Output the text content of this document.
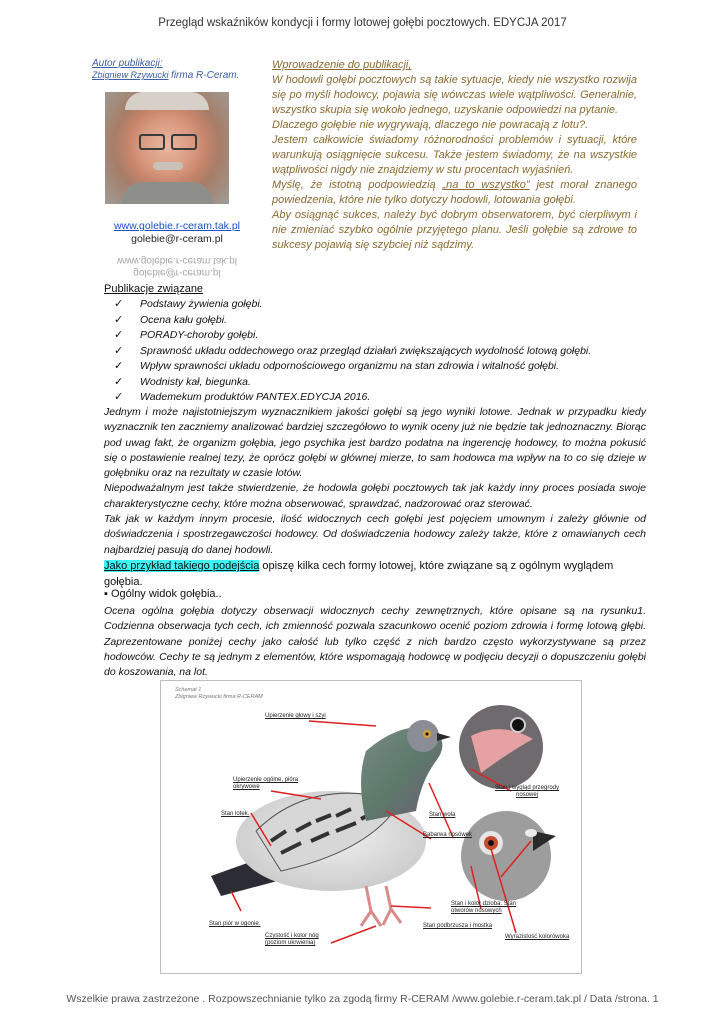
Przegląd wskaźników kondycji i formy lotowej gołębi pocztowych. EDYCJA 2017
Autor publikacji:
Zbigniew Rzywucki firma R-Ceram.
www.golebie.r-ceram.tak.pl
golebie@r-ceram.pl
golebie@r-ceram.pl
www.golebie.r-ceram.tak.pl
Wprowadzenie do publikacji,
W hodowli gołębi pocztowych są takie sytuacje, kiedy nie wszystko rozwija się po myśli hodowcy, pojawia się wówczas wiele wątpliwości. Generalnie, wszystko skupia się wokoło jednego, uzyskanie odpowiedzi na pytanie.
Dlaczego gołębie nie wygrywają, dlaczego nie powracają z lotu?.
Jestem całkowicie świadomy różnorodności problemów i sytuacji, które warunkują osiągnięcie sukcesu. Także jestem świadomy, że na wszystkie wątpliwości nigdy nie znajdziemy w stu procentach wyjaśnień.
Myślę, że istotną podpowiedzią „na to wszystko” jest morał znanego powiedzenia, które nie tylko dotyczy hodowli, lotowania gołębi.
Aby osiągnąć sukces, należy być dobrym obserwatorem, być cierpliwym i nie zmieniać szybko ogólnie przyjętego planu. Jeśli gołębie są zdrowe to sukcesy pojawią się szybciej niż sądzimy.
Publikacje związane
✓ Podstawy żywienia gołębi.
✓ Ocena kału gołębi.
✓ PORADY-choroby gołębi.
✓ Sprawność układu oddechowego oraz przegląd działań zwiększających wydolność lotową gołębi.
✓ Wpływ sprawności układu odpornościowego organizmu na stan zdrowia i witalność gołębi.
✓ Wodnisty kał, biegunka.
✓ Wademekum produktów PANTEX.EDYCJA 2016.

Jednym i może najistotniejszym wyznacznikiem jakości gołębi są jego wyniki lotowe. Jednak w przypadku kiedy wyznacznik ten zaczniemy analizować bardziej szczegółowo to wynik oceny już nie będzie tak jednoznaczny. Biorąc pod uwag fakt, że organizm gołębia, jego psychika jest bardzo podatna na ingerencję hodowcy, to można pokusić się o postawienie realnej tezy, że oprócz gołębi w głównej mierze, to sam hodowca ma wpływ na to co się dzieje w gołębniku oraz na rezultaty w czasie lotów.

Niepodważalnym jest także stwierdzenie, że hodowla gołębi pocztowych tak jak każdy inny proces posiada swoje charakterystyczne cechy, które można obserwować, sprawdzać, nadzorować oraz sterować.

Tak jak w każdym innym procesie, ilość widocznych cech gołębi jest pojęciem umownym i zależy głównie od doświadczenia i spostrzegawczości hodowcy. Od doświadczenia hodowcy zależy także, które z omawianych cech najbardziej pasują do danej hodowli.

Jako przykład takiego podejścia opiszę kilka cech formy lotowej, które związane są z ogólnym wyglądem gołębia.
▪ Ogólny widok gołębia..
Ocena ogólna gołębia dotyczy obserwacji widocznych cechy zewnętrznych, które opisane są na rysunku1. Codzienna obserwacja tych cech, ich zmienność pozwala szacunkowo ocenić poziom zdrowia i formę lotową głębi. Zaprezentowane poniżej cechy jako całość lub tylko część z nich bardzo często wykorzystywane są przez hodowców. Cechy te są jednym z elementów, które wspomagają hodowcę w podjęciu decyzji o dopuszczeniu gołębi do koszowania, na lot.
Schemat 1
Zbigniew Rzywucki firma R-CERAM
Upierzenie głowy i szyi
Upierzenie ogólne, pióra okrywowe	Stan i wygląd przegrody nosowej
Stan lotek.	Stan wola
Babarwa nosówek
Stan piór w ogonie.
Stan i kolor dzioba. Stan otworów nosowych
Stan podbrzusza i mostka
Czystość i kolor nóg (poziom ukrwienia)
Wyrazistość kolorówoka
Wszelkie prawa zastrzeżone . Rozpowszechnianie tylko za zgodą firmy R-CERAM /www.golebie.r-ceram.tak.pl / Data /strona. 1
